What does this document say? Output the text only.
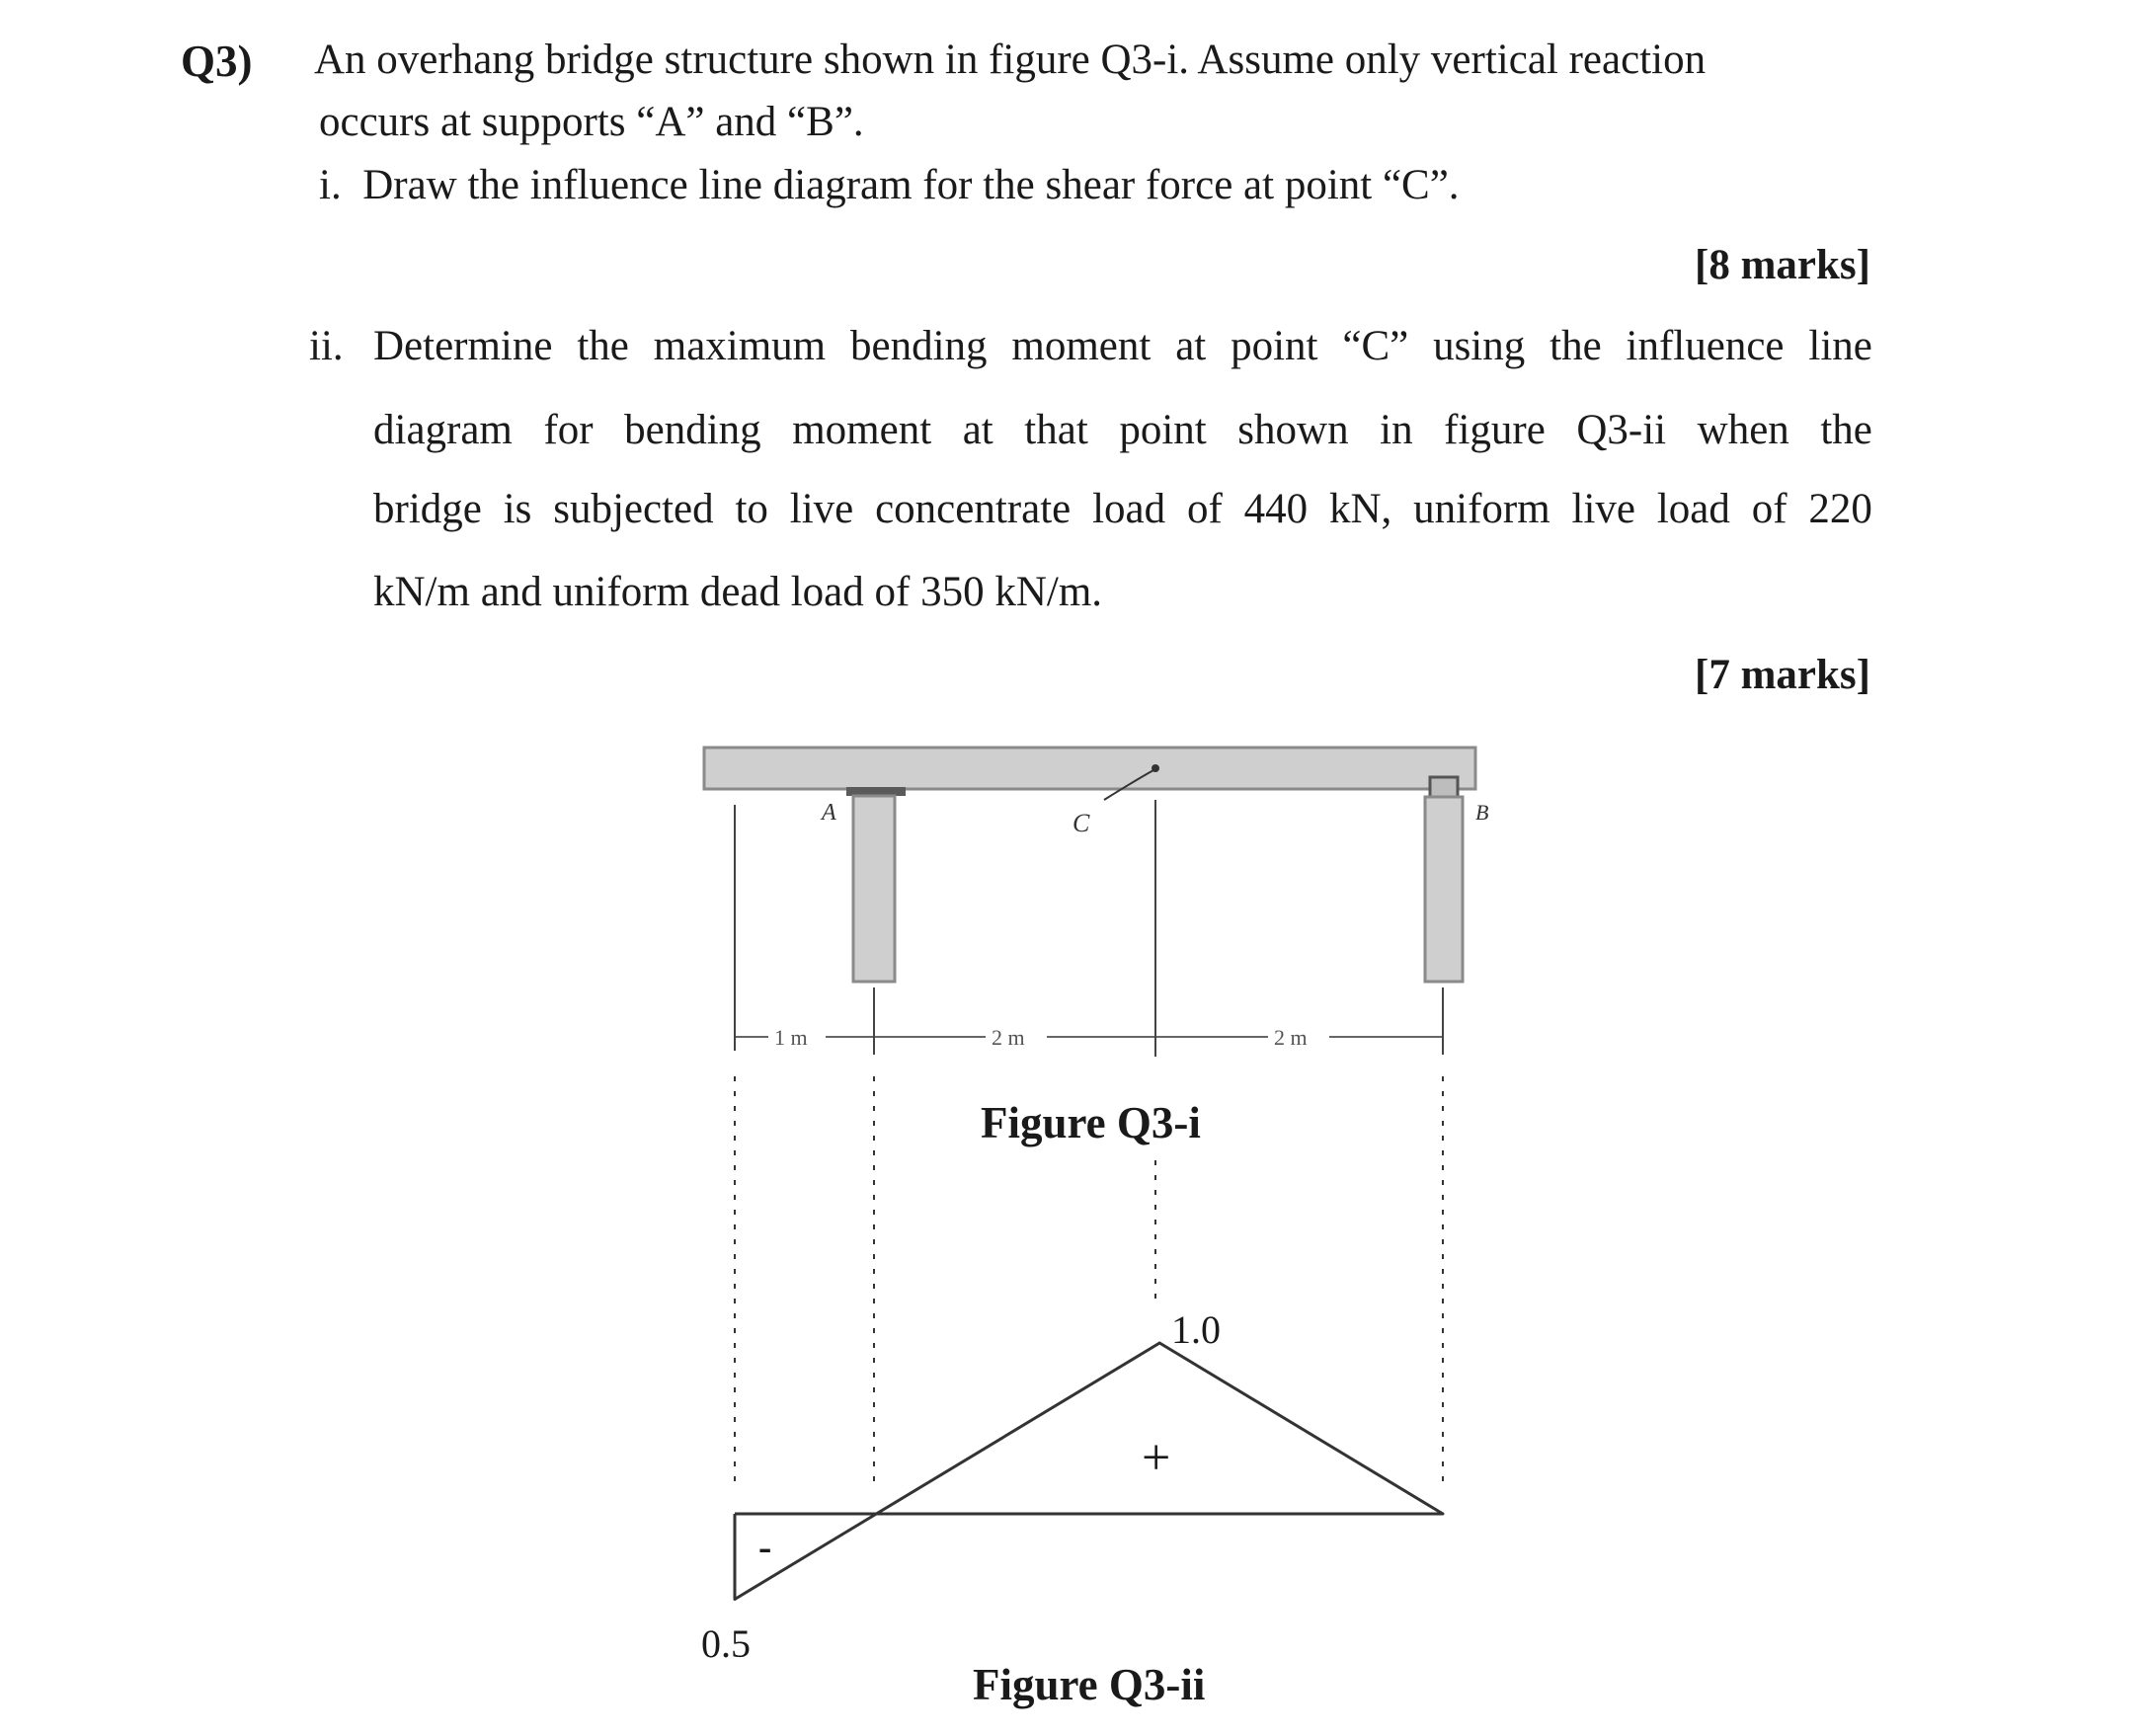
Q3) An overhang bridge structure shown in figure Q3-i. Assume only vertical reaction
occurs at supports “A” and “B”.
i. Draw the influence line diagram for the shear force at point “C”.
[8 marks]
ii. Determine the maximum bending moment at point “C” using the influence line
diagram for bending moment at that point shown in figure Q3-ii when the
bridge is subjected to live concentrate load of 440 kN, uniform live load of 220
kN/m and uniform dead load of 350 kN/m.
[7 marks]
A	C	B
1 m	2 m	2 m
1.0
+
-
0.5
Figure Q3-i
Figure Q3-ii
